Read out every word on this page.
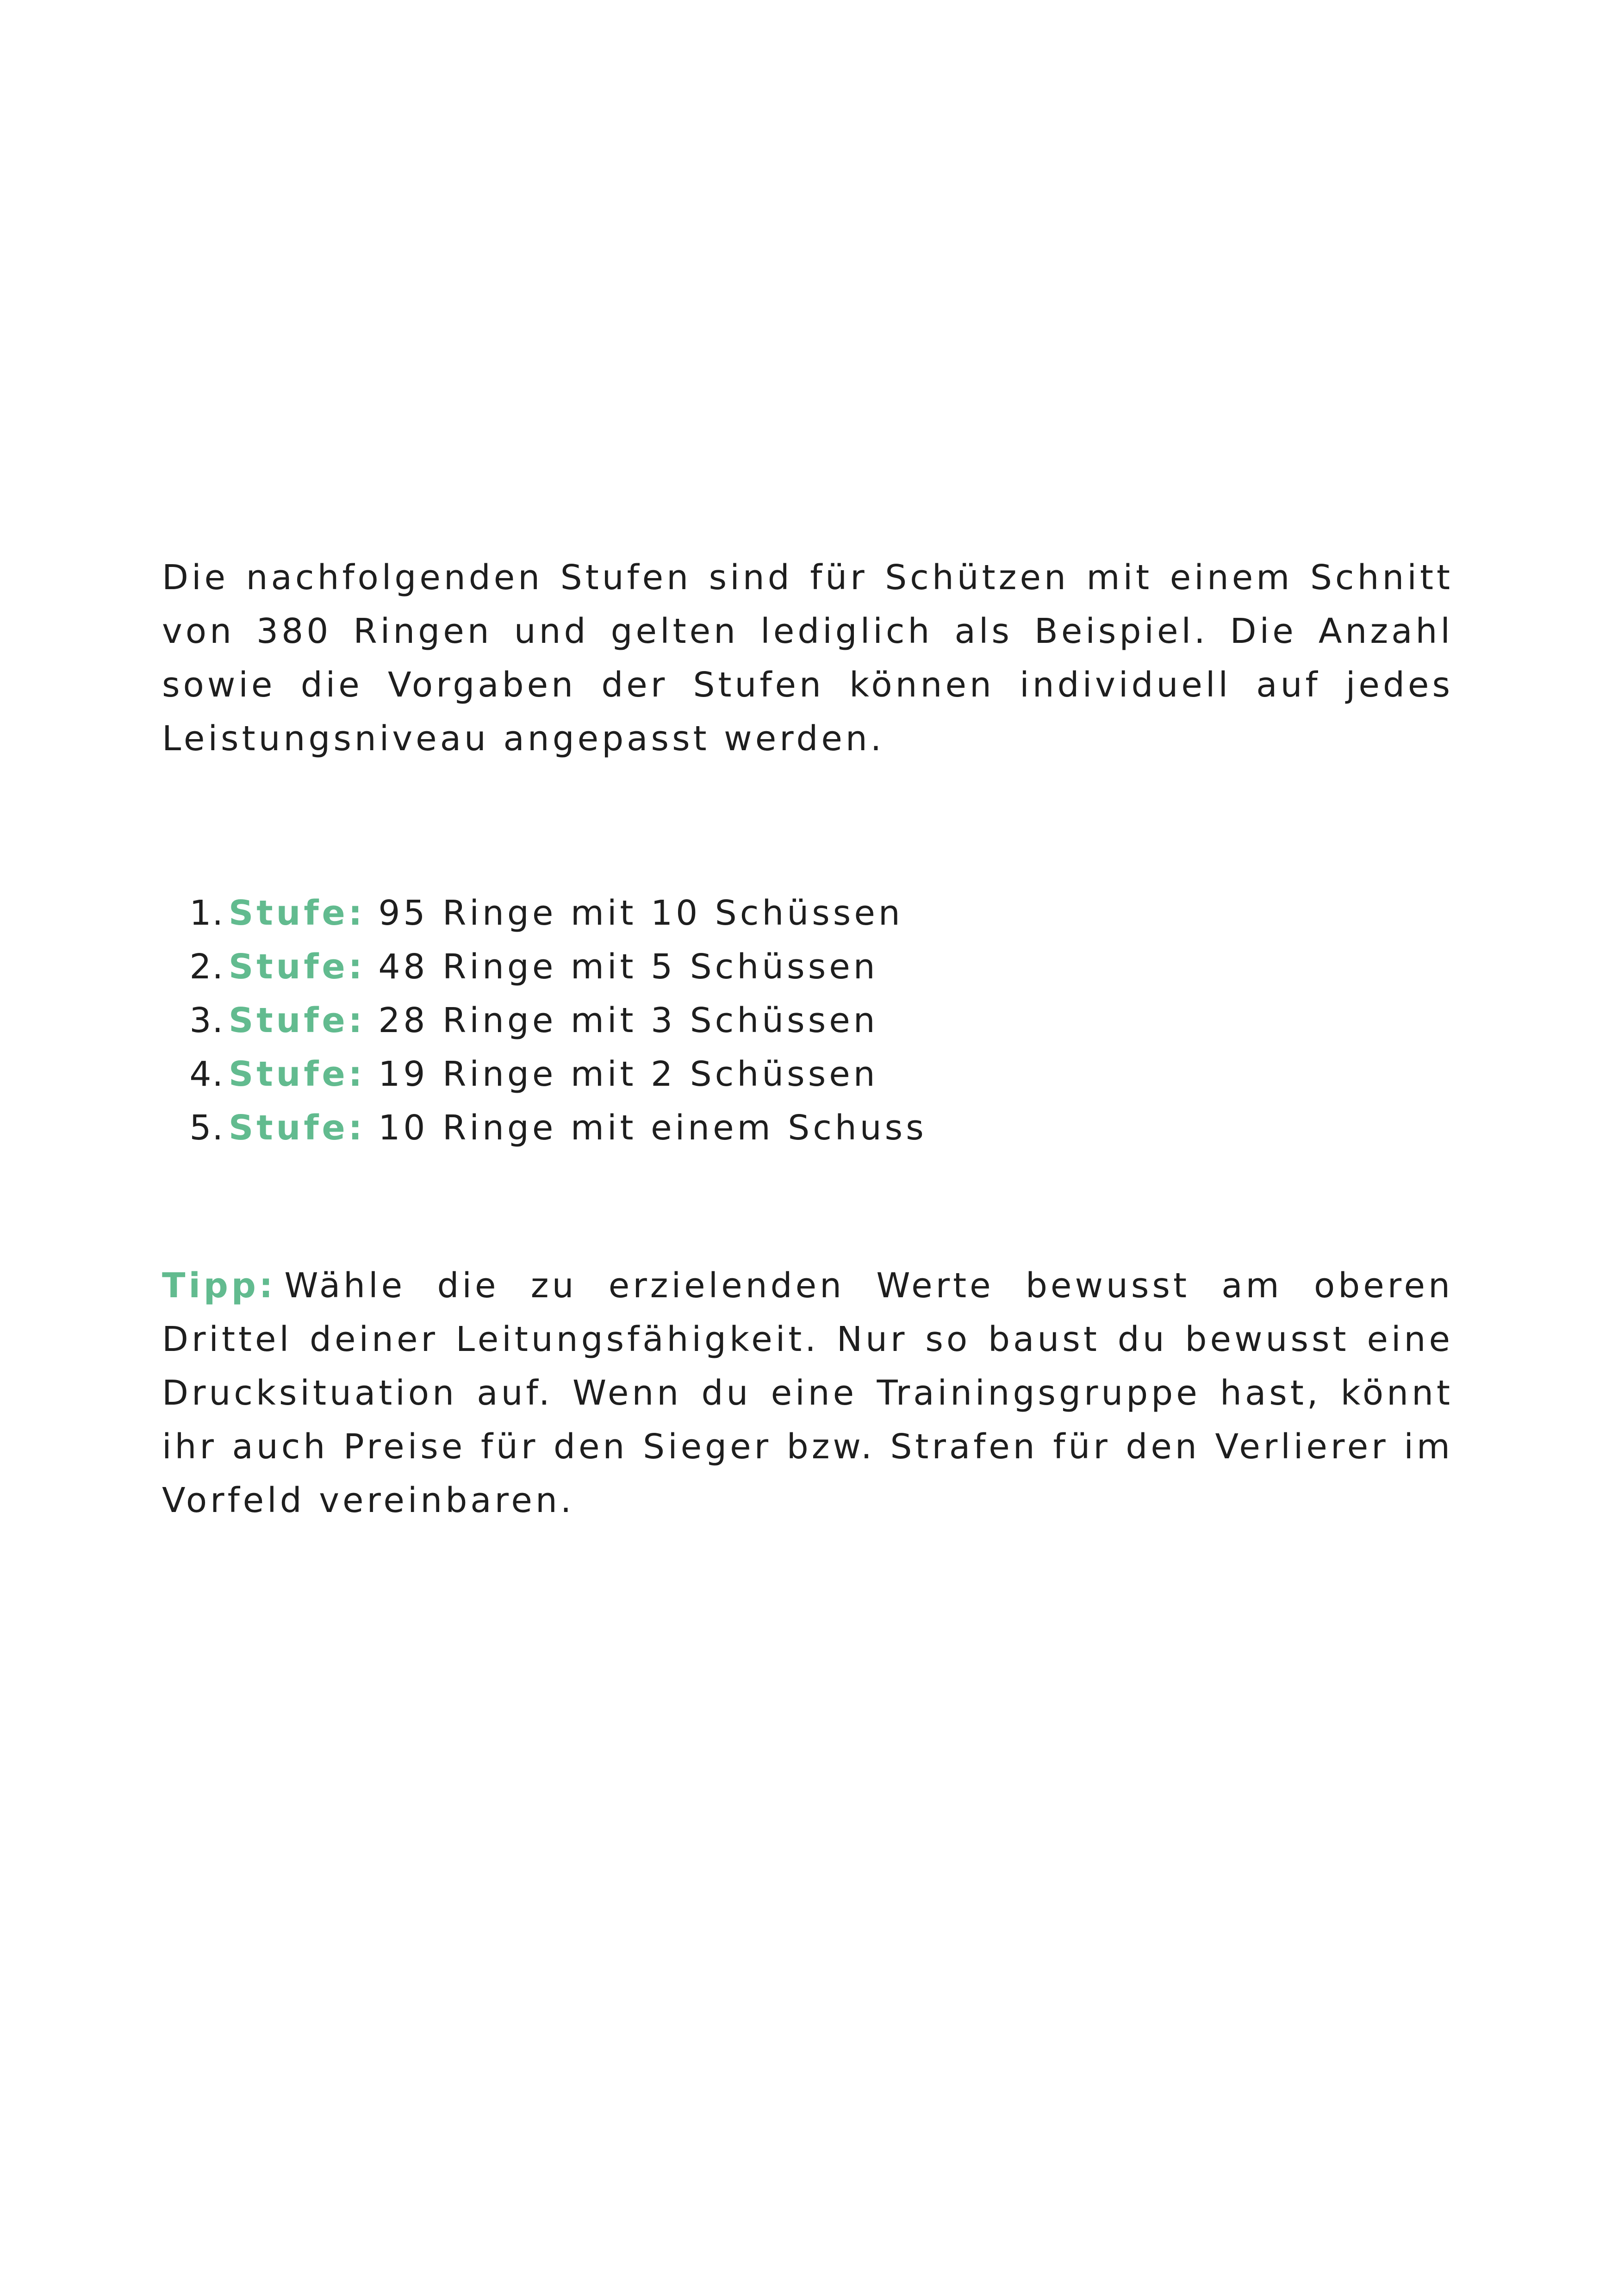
Die nachfolgenden Stufen sind für Schützen mit einem Schnitt von 380 Ringen und gelten lediglich als Beispiel. Die Anzahl sowie die Vorgaben der Stufen können individuell auf jedes Leistungsniveau angepasst werden.

1. Stufe: 95 Ringe mit 10 Schüssen
2. Stufe: 48 Ringe mit 5 Schüssen
3. Stufe: 28 Ringe mit 3 Schüssen
4. Stufe: 19 Ringe mit 2 Schüssen
5. Stufe: 10 Ringe mit einem Schuss

Tipp: Wähle die zu erzielenden Werte bewusst am oberen Drittel deiner Leitungsfähigkeit. Nur so baust du bewusst eine Drucksituation auf. Wenn du eine Trainingsgruppe hast, könnt ihr auch Preise für den Sieger bzw. Strafen für den Verlierer im Vorfeld vereinbaren.
